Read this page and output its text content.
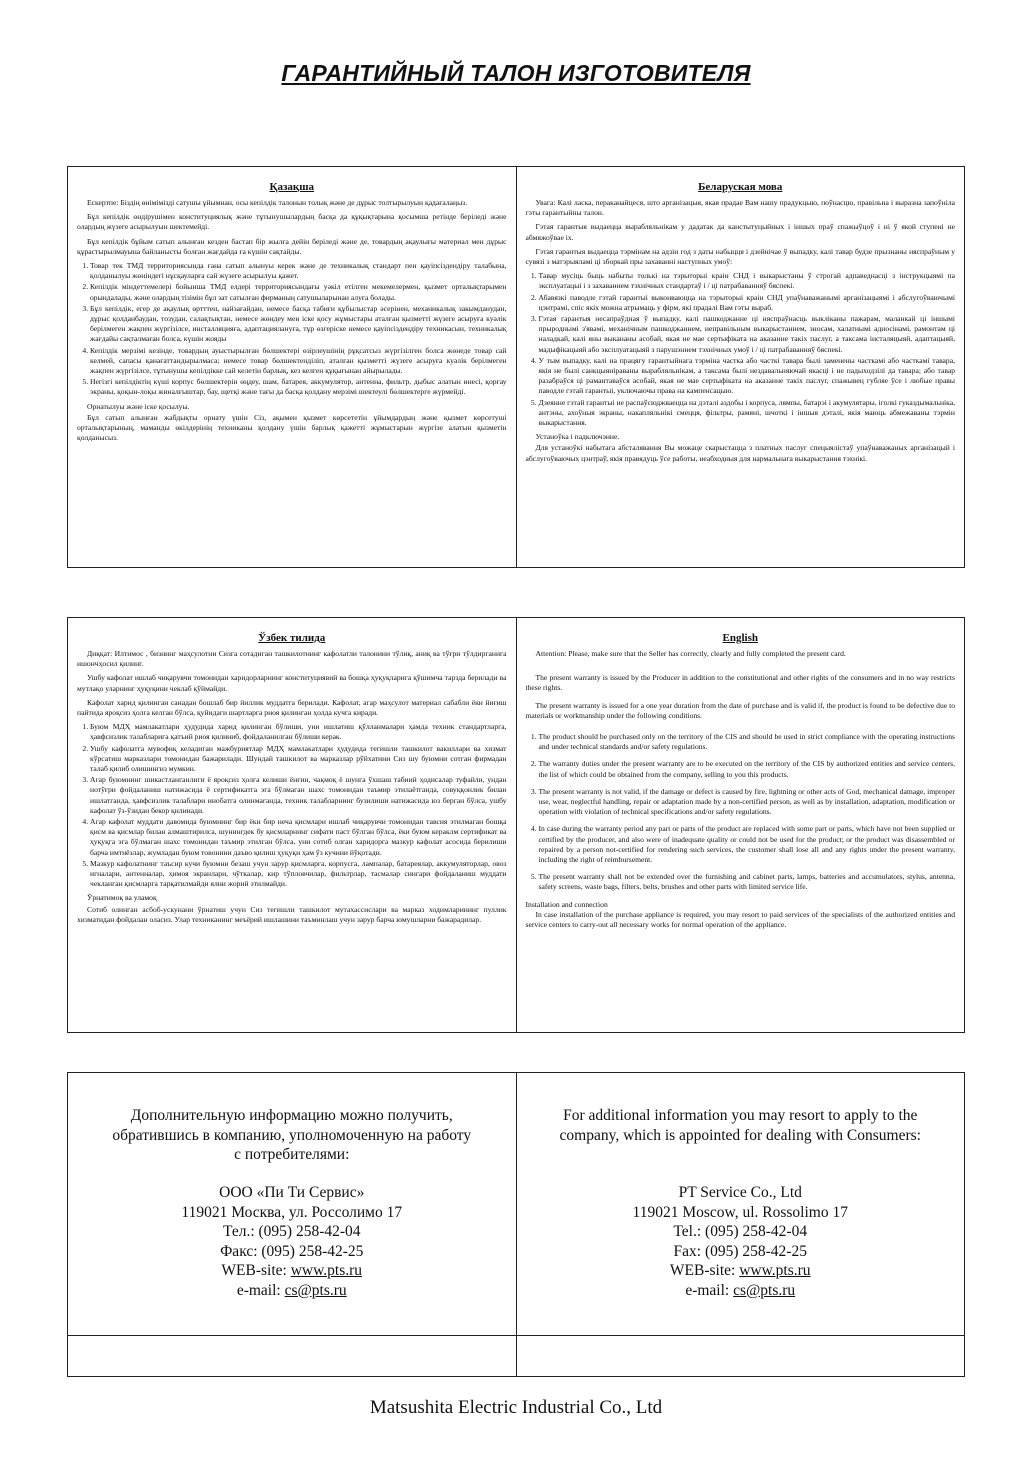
ГАРАНТИЙНЫЙ ТАЛОН ИЗГОТОВИТЕЛЯ
Қазақша
Ескертпе: Біздің өнімімізді сатушы ұйымнан, осы кепілдік талонын толық және де дұрыс толтырылуын қадағалаңыз.
Бұл кепілдік өндірушімен конституциялық және тұтынушылардың басқа да құқықтарына қосымша ретінде беріледі және олардың жүзеге асырылуын шектемейді.
Бұл кепілдік бұйым сатып алынған кезден бастап бір жылға дейін беріледі және де, товардың ақаулығы материал мен дұрыс құрастырылмауына байланысты болған жағдайда ға күшін сақтайды.
1. Товар тек ТМД территориясында ғана сатып алынуы керек және де техникалық стандарт пен қауіпсіздендіру талабына, қолданылуы жөніндегі нұсқауларға сай жүзеге асырылуы қажет.
2. Кепілдік міндеттемелері бойынша ТМД елдері территориясындағы уәкіл етілген мекемелермен, қызмет орталықтарымен орындалады, және олардың тізімін бұл зат сатылған фирманың сатушыларынан алуға болады.
3. Бұл кепілдік, егер де ақаулық өртттен, найзағайдан, немесе басқа табиғи құбылыстар әсерінен, механикалық закымданудан, дұрыс қолданбаудан, тозудан, салақтықтан, немесе жөндеу мен іске қосу жұмыстары аталған қызметті жүзеге асыруға куәлік берілмеген жақпен жүргізілсе, инсталляцияға, адаптациялануға, тұр өзгеріске немесе қауіпсіздендіру техникасын, техникалық жағдайы сақталмаған болса, күшін жояды
4. Кепілдік мерзімі кезінде, товардың ауыстырылған бөлшектері өзірлеушінің рұқсатсыз жүргізілген болса жөнеде товар сай келмей, сапасы қанағаттандырылмаса; немесе товар бөлшектенділіп, аталған қызметті жүзеге асыруға куәлік берілмеген жақпен жүргізілсе, тұтынушы кепілдікке сай келетін барлық, кез келген құқығынан айырылады.
5. Негізгі кепілдіктің күші корпус бөлшектерін өңдеу, шам, батарея, аккумулятор, антенна, фильтр, дыбыс алатын инесі, қорғау экраны, қоқын-лоқы жиналғыштар, бау, щетқі және тағы да басқа қолдану мерзімі шектеулі бөлшектерге жүрмейді.
Орнатылуы және іске қосылуы.
Бұл сатып алынған жабдықты орнату үшін Сіз, ақымен қызмет көрсететін ұйымдардың және қызмет көрсетуші орталықтарының, маманды өкілдерінің техниканы қолдану үшін барлық қажетті жұмыстарын жүргізе алатын қызметін қолданысыз.
Беларуская мова
Увага: Калі ласка, пераканайцеся, што арганізацыя, якая прадае Вам нашу прадукцыю, поўнасцю, правільна і выразна запоўніла гэты гарантыйны талон.
Гэтая гарантыя выдаецца вырабляльнікам у дадатак да канстытуцыйных і іншых праў спажыўцоў і ні ў якой ступені не абмяжоўвае іх.
Гэтая гарантыя выдаецца тэрмінам на адзін год з даты набыцця і дзейнічае ў выпадку, калі тавар будзе прызнаны няспраўным у сувязі з матэрыяламі ці зборкай пры захаванні наступных умоў:
1. Тавар мусіць быць набыты толькі на тэрыторыі краін СНД і выкарыстаны ў строгай адпаведнасці з інструкцыямі па эксплуатацыі і з захаваннем тэхнічных стандартаў і / ці патрабаванняў бяспекі.
2. Абавязкі паводле гэтай гарантыі выконваюцца на тэрыторыі краін СНД упаўнаважанымі арганізацыямі і абслугоўваючымі цэнтрамі, спіс якіх можна атрымаць у фірм, які прадалі Вам гэты выраб.
3. Гэтая гарантыя несапраўдная ў выпадку, калі пашкоджанне ці няспраўнасць выкліканы пажарам, маланкай ці іншымі прыроднымі з'явамі, механічным пашкоджаннем, неправільным выкарыстаннем, зносам, халатнымі адносінамі, рамонтам ці наладкай, калі яны выкананы асобай, якая не мае сертыфіката на аказанне такіх паслуг, а таксама інсталяцыяй, адаптацыяй, мадыфікацыяй або эксплуатацыяй з парушэннем тэхнічных умоў і / ці патрабаванняў бяспекі.
4. У тым выпадку, калі на працягу гарантыйнага тэрміна частка або часткі тавара былі заменены часткамі або часткамі тавара, якія не былі санкцыяніраваны вырабляльнікам, а таксама былі нездавальняючай якасці і не падыходзілі да тавара; або тавар разабраўся ці рамантаваўся асобай, якая не мае сертыфіката на аказанне такіх паслуг, спажывец губляе ўсе і любые правы паводле гэтай гарантыі, уключаючы права на кампенсацыю.
5. Дзеянне гэтай гарантыі не распаўсюджваецца на дэталі аздобы і корпуса, лямпы, батарэі і акумулятары, іголкі гуказдымальніка, антэны, ахоўныя экраны, накапляльнікі смецця, фільтры, рамяні, шчоткі і іншыя дэталі, якія маюць абмежаваны тэрмін выкарыстання.
Устаноўка і падключэнне.
Для устаноўкі набытага абсталявання Вы можаце скарыстацца з платных паслуг спецыялістаў упаўнаважаных арганізацый і абслугоўваючых цэнтраў, якія правядуць ўсе работы, неабходныя для нармальнага выкарыстання тэхнікі.
Ўзбек тилида
Диққат: Илтимос , бизнинг маҳсулотни Сизга сотадиган ташкилотнинг кафолатли талонини тўлиқ, аниқ ва тўғри тўлдирганига ишончҳосил қилинг.
Ушбу кафолат ишлаб чиқарувчи томонидан харидорларнинг конституциявий ва бошқа ҳуқуқларига қўшимча тарзда берилади ва мутлақо уларнинг ҳуқуқини чеклаб қўймайди.
Кафолат харид қилинган санадан бошлаб бир йиллик муддатга берилади. Кафолат, агар маҳсулот материал сабабли ёки йиғиш пайтида яроқсиз ҳолга келган бўлса, қуйидаги шартларга риоя қилинган ҳолда кучга киради.
1. Буюм МДҲ мамлакатлари ҳудудида харид қилинган бўлиши, уни ишлатиш қўлланмалари ҳамда техник стандартларга, ҳавфсизлик талабларига қатъий риоя қилиниб, фойдаланилган бўлиши керак.
2. Ушбу кафолатга мувофиқ келадиган мажбуриятлар МДҲ мамлакатлари ҳудудида тегишли ташкилот вакиллари ва хизмат кўрсатиш марказлари томонидан бажарилади. Шундай ташкилот ва марказлар рўйхатини Сиз шу буюмни сотган фирмадан талаб қилиб олишингиз мумкин.
3. Агар буюмнинг шикастланганлиги ё яроқсиз ҳолга келиши ёнғин, чақмоқ ё шунга ўхшаш табиий ҳодисалар туфайли, ундан нотўғри фойдаланиш натижасида ё сертификатга эга бўлмаган шахс томонидан таъмир этилаётганда, совуққонлик билан ишлатганда, ҳавфсизлик талаблари инобатга олинмаганда, техник талабларнинг бузилиши натижасида юз берган бўлса, ушбу кафолат ўз-ўзидан бекор қилинади.
4. Агар кафолат муддати давомида буюмнинг бир ёки бир неча қисмлари ишлаб чиқарувчи томонидан тавсия этилмаган бошқа қисм ва қисмлар билан алмаштирилса, шунингдек бу қисмларнинг сифати паст бўлган бўлса, ёки буюм кераклм сертификат ва ҳуқуқга эга бўлмаган шахс томонидан таъмир этилган бўлса, уни сотиб олган харидорга мазкур кафолат асосида берилиши барча имтиёзлар, жумладан буюм товонини даъво қилиш ҳуқуқи ҳам ўз кучини йўқотади.
5. Мазкур кафолатнинг таъсир кучи буюмни безаш учун зарур қисмларга, корпусга, лампалар, батареялар, аккумуляторлар, овоз игналари, антенналар, ҳимоя экранлари, чўткалар, кир тўпловчилар, фильтрлар, тасмалар сингари фойдаланиш муддати чекланган қисмларга тарқатилмайди ялни жорий этилмайди.
Ўрнатимоқ ва уламоқ
Сотиб олинган асбоб-ускунани ўрнатиш учун Сиз тегишли ташкилот мутахассислари ва марказ ходимларининг пуллик хизматидан фойдалан оласиз. Улар техниканинг меъёрий ишлашини таъминлаш учун зарур барча юмушларни бажарадилар.
English
Attention: Please, make sure that the Seller has correctly, clearly and fully completed the present card.
The present warranty is issued by the Producer in addition to the constitutional and other rights of the consumers and in no way restricts these rights.
The present warranty is issued for a one year duration from the date of purchase and is valid if, the product is found to be defective due to materials or workmanship under the following conditions.
1. The product should be purchased only on the territory of the CIS and should be used in strict compliance with the operating instructions and under technical standards and/or safety regulations.
2. The warranty duties under the present warranty are to be executed on the territory of the CIS by authorized entities and service centers, the list of which could be obtained from the company, selling to you this products.
3. The present warranty is not valid, if the damage or defect is caused by fire, lightning or other acts of God, mechanical damage, improper use, wear, neglectful handling, repair or adaptation made by a non-certified person, as well as by installation, adaptation, modification or operation with violation of technical specifications and/or safety regulations.
4. In case during the warranty period any part or parts of the product are replaced with some part or parts, which have not been supplied or certified by the producer, and also were of inadequate quality or could not be used for the product; or the product was disassembled or repaired by a person not-certified for rendering such services, the customer shall lose all and any rights under the present warranty, including the right of reimbursement.
5. The present warranty shall not be extended over the furnishing and cabinet parts, lamps, batteries and accumulators, stylus, antenna, safety screens, waste bags, filters, belts, brushes and other parts with limited service life.
Installation and connection
In case installation of the purchase appliance is required, you may resort to paid services of the specialists of the authorized entities and service centers to carry-out all necessary works for normal operation of the appliance.
Дополнительную информацию можно получить,
обратившись в компанию, уполномоченную на работу
с потребителями:
ООО «Пи Ти Сервис»
119021 Москва, ул. Россолимо 17
Тел.: (095) 258-42-04
Факс: (095) 258-42-25
WEB-site: www.pts.ru
e-mail: cs@pts.ru
For additional information you may resort to apply to the
company, which is appointed for dealing with Consumers:
PT Service Co., Ltd
119021 Moscow, ul. Rossolimo 17
Tel.: (095) 258-42-04
Fax: (095) 258-42-25
WEB-site: www.pts.ru
e-mail: cs@pts.ru
Matsushita Electric Industrial Co., Ltd
